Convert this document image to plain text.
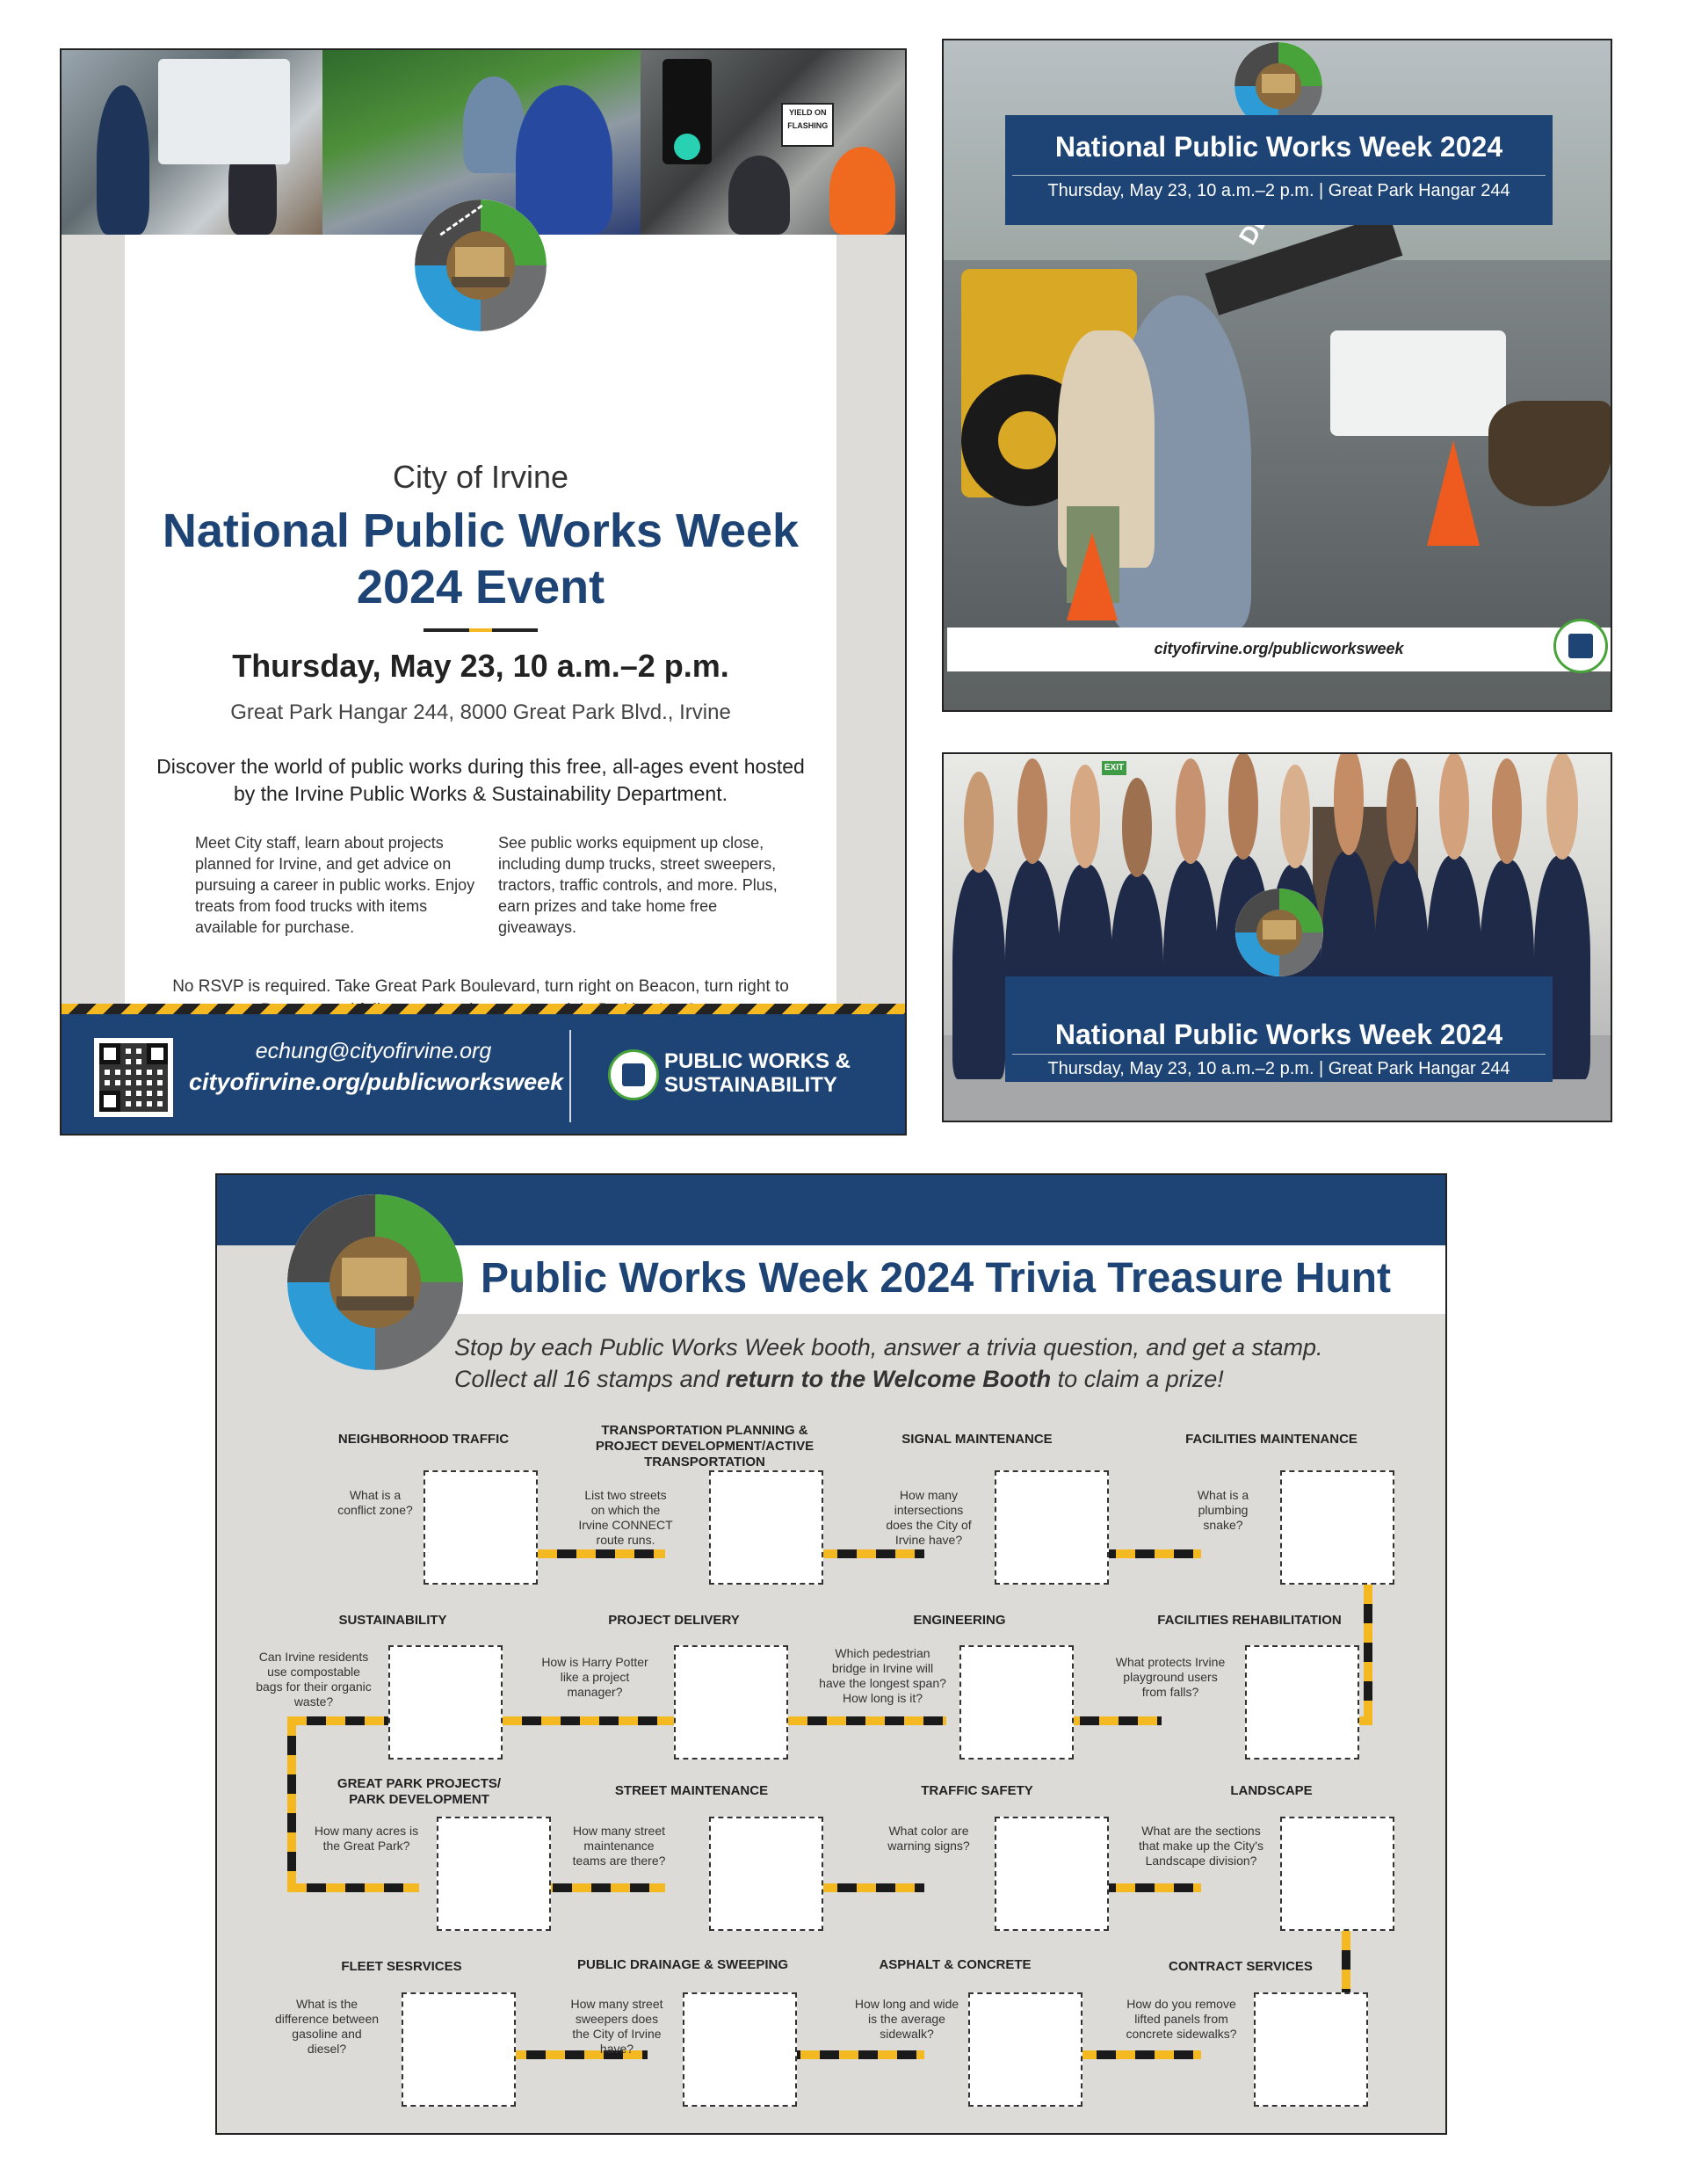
YIELD ON FLASHING
City of Irvine
National Public Works Week
2024 Event
Thursday, May 23, 10 a.m.–2 p.m.
Great Park Hangar 244, 8000 Great Park Blvd., Irvine
Discover the world of public works during this free, all-ages event hosted by the Irvine Public Works & Sustainability Department.
Meet City staff, learn about projects planned for Irvine, and get advice on pursuing a career in public works. Enjoy treats from food trucks with items available for purchase.
See public works equipment up close, including dump trucks, street sweepers, tractors, traffic controls, and more. Plus, earn prizes and take home free giveaways.
No RSVP is required. Take Great Park Boulevard, turn right on Beacon, turn right to
echung@cityofirvine.org
cityofirvine.org/publicworksweek
PUBLIC WORKS &
SUSTAINABILITY
National Public Works Week 2024
Thursday, May 23, 10 a.m.–2 p.m. | Great Park Hangar 244
cityofirvine.org/publicworksweek
EXIT
National Public Works Week 2024
Thursday, May 23, 10 a.m.–2 p.m. | Great Park Hangar 244
Public Works Week 2024 Trivia Treasure Hunt
Stop by each Public Works Week booth, answer a trivia question, and get a stamp.
Collect all 16 stamps and return to the Welcome Booth to claim a prize!
NEIGHBORHOOD TRAFFIC
What is a conflict zone?
TRANSPORTATION PLANNING & PROJECT DEVELOPMENT/ACTIVE TRANSPORTATION
List two streets on which the Irvine CONNECT route runs.
SIGNAL MAINTENANCE
How many intersections does the City of Irvine have?
FACILITIES MAINTENANCE
What is a plumbing snake?
SUSTAINABILITY
Can Irvine residents use compostable bags for their organic waste?
PROJECT DELIVERY
How is Harry Potter like a project manager?
ENGINEERING
Which pedestrian bridge in Irvine will have the longest span? How long is it?
FACILITIES REHABILITATION
What protects Irvine playground users from falls?
GREAT PARK PROJECTS/ PARK DEVELOPMENT
How many acres is the Great Park?
STREET MAINTENANCE
How many street maintenance teams are there?
TRAFFIC SAFETY
What color are warning signs?
LANDSCAPE
What are the sections that make up the City's Landscape division?
FLEET SESRVICES
What is the difference between gasoline and diesel?
PUBLIC DRAINAGE & SWEEPING
How many street sweepers does the City of Irvine have?
ASPHALT & CONCRETE
How long and wide is the average sidewalk?
CONTRACT SERVICES
How do you remove lifted panels from concrete sidewalks?
